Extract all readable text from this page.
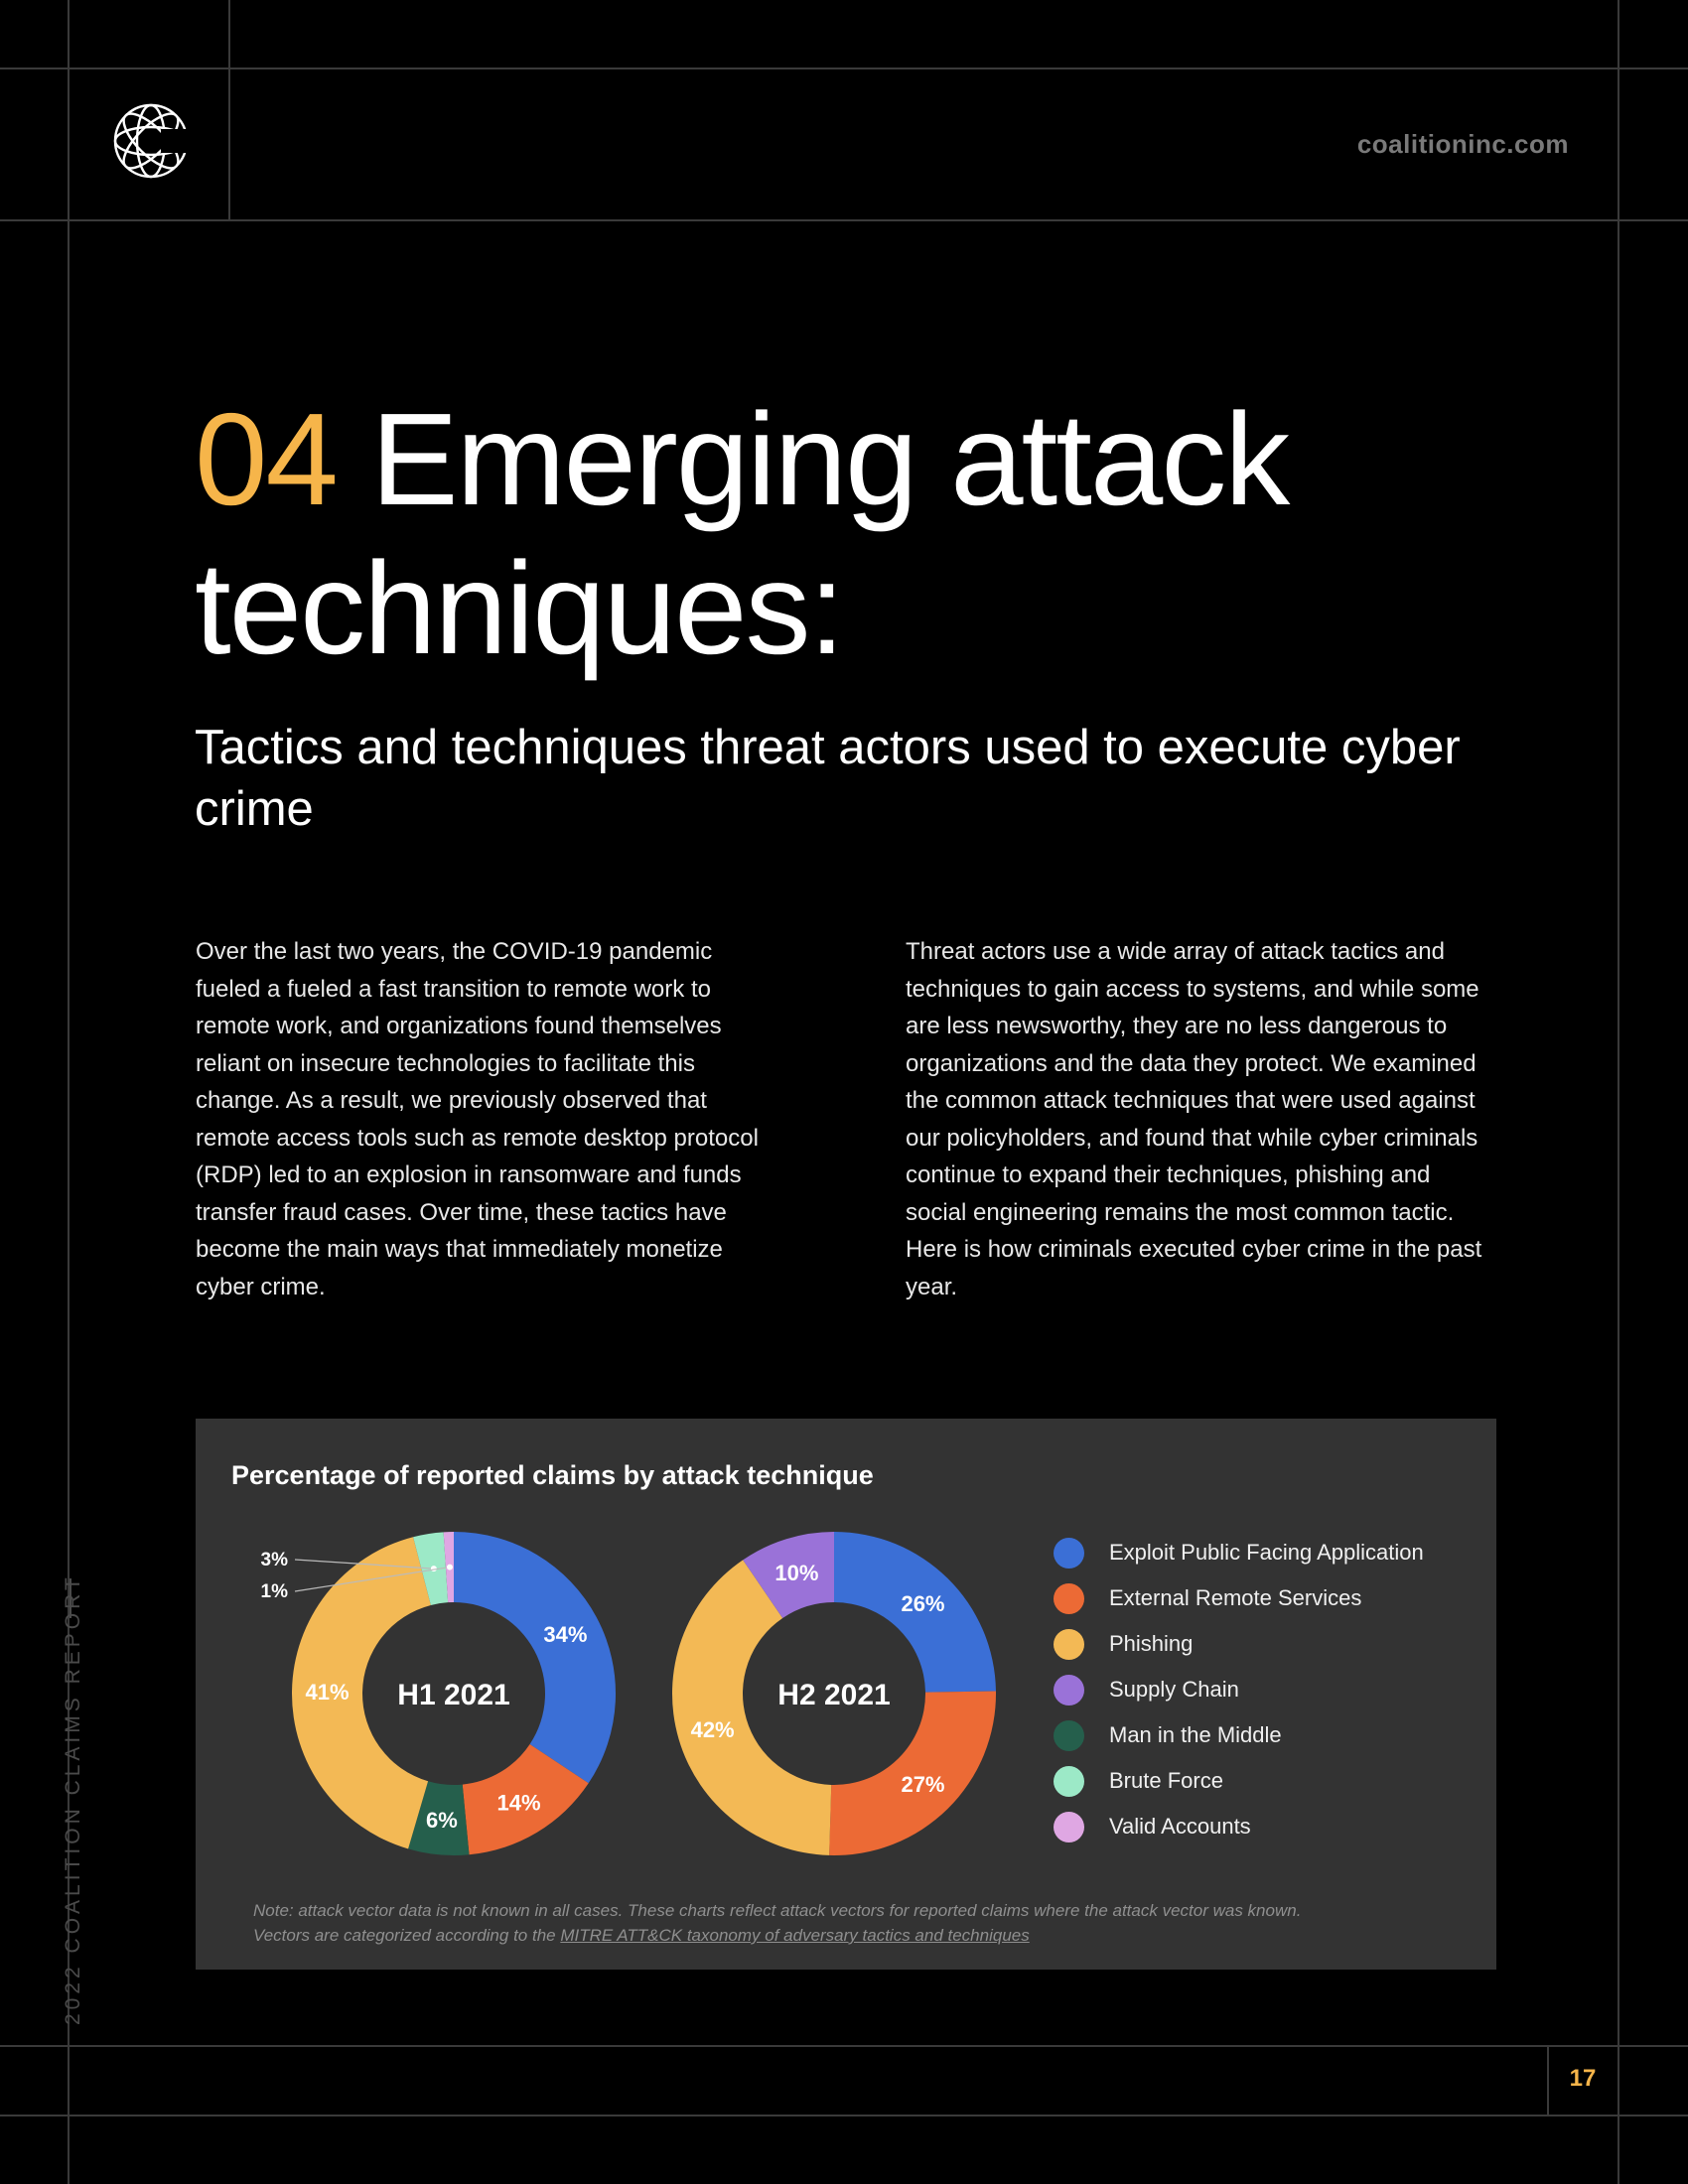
coalitioninc.com
04 Emerging attack
techniques:
Tactics and techniques threat actors used to execute cyber crime
Over the last two years, the COVID-19 pandemic fueled a fueled a fast transition to remote work to remote work, and organizations found themselves reliant on insecure technologies to facilitate this change. As a result, we previously observed that remote access tools such as remote desktop protocol (RDP) led to an explosion in ransomware and funds transfer fraud cases. Over time, these tactics have become the main ways that immediately monetize cyber crime.
Threat actors use a wide array of attack tactics and techniques to gain access to systems, and while some are less newsworthy, they are no less dangerous to organizations and the data they protect. We examined the common attack techniques that were used against our policyholders, and found that while cyber criminals continue to expand their techniques, phishing and social engineering remains the most common tactic. Here is how criminals executed cyber crime in the past year.
Percentage of reported claims by attack technique
34%
14%
6%
41%
3%
1%
H1 2021
26%
27%
42%
10%
H2 2021
Exploit Public Facing Application
External Remote Services
Phishing
Supply Chain
Man in the Middle
Brute Force
Valid Accounts
Note: attack vector data is not known in all cases. These charts reflect attack vectors for reported claims where the attack vector was known.
Vectors are categorized according to the MITRE ATT&CK taxonomy of adversary tactics and techniques
2022 COALITION CLAIMS REPORT
17
